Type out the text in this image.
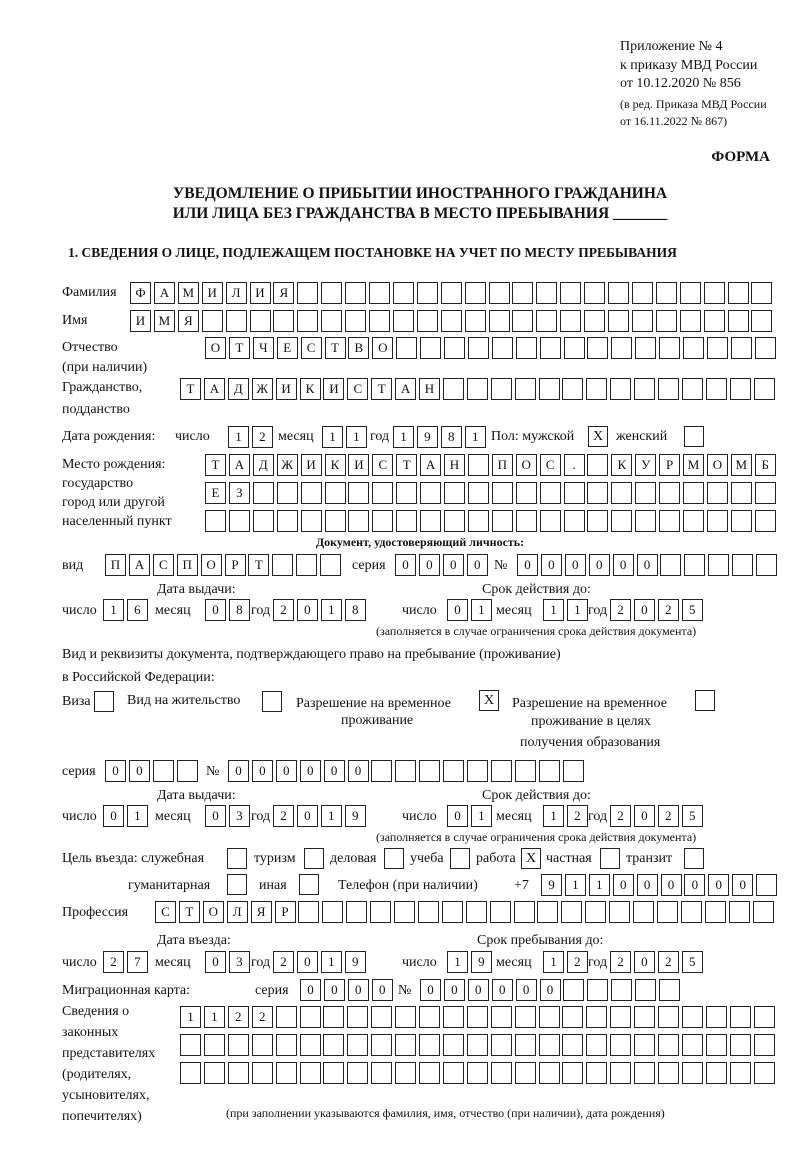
Приложение № 4
к приказу МВД России
от 10.12.2020 № 856
(в ред. Приказа МВД России
от 16.11.2022 № 867)
ФОРМА
УВЕДОМЛЕНИЕ О ПРИБЫТИИ ИНОСТРАННОГО ГРАЖДАНИНА
ИЛИ ЛИЦА БЕЗ ГРАЖДАНСТВА В МЕСТО ПРЕБЫВАНИЯ _______
1. СВЕДЕНИЯ О ЛИЦЕ, ПОДЛЕЖАЩЕМ ПОСТАНОВКЕ НА УЧЕТ ПО МЕСТУ ПРЕБЫВАНИЯ
Фамилия	Ф	А	М	И	Л	И	Я
Имя	И	М	Я
Отчество
(при наличии)
О	Т	Ч	Е	С	Т	В	О
Гражданство,
подданство
Т	А	Д	Ж	И	К	И	С	Т	А	Н
Дата рождения: число	1	2 месяц	1	1 год 1	9	8	1 Пол: мужской	X женский
Место рождения:
государство
город или другой
населенный пункт
Т	А	Д	Ж	И	К	И	С	Т	А	Н	П	О	С	.	К	У	Р	М	О	М	Б
Е	З
Документ, удостоверяющий личность:
вид	П	А	С	П	О	Р	Т	серия	0	0	0	0 №	0	0	0	0	0	0
Дата выдачи:	Срок действия до:
число	1	6	месяц	0	8 год 2	0	1	8	число	0	1 месяц	1	1 год 2	0	2	5
(заполняется в случае ограничения срока действия документа)
Вид и реквизиты документа, подтверждающего право на пребывание (проживание)
в Российской Федерации:
Виза	Вид на жительство	Разрешение на временное
проживание
X	Разрешение на временное
проживание в целях
получения образования
серия	0	0	№	0	0	0	0	0	0
Дата выдачи:	Срок действия до:
число	0	1	месяц	0	3 год 2	0	1	9	число	0	1 месяц	1	2 год 2	0	2	5
(заполняется в случае ограничения срока действия документа)
Цель въезда: служебная	туризм деловая учеба работа X частная транзит
гуманитарная	иная	Телефон (при наличии)	+7	9	1	1	0	0	0	0	0	0
Профессия	С	Т	О	Л	Я	Р
Дата въезда:	Срок пребывания до:
число	2	7	месяц	0	3 год 2	0	1	9	число	1	9 месяц	1	2 год 2	0	2	5
Миграционная карта:	серия	0	0	0	0 №	0	0	0	0	0	0
Сведения о
законных
представителях
(родителях,
усыновителях,
попечителях)
1	1	2	2
(при заполнении указываются фамилия, имя, отчество (при наличии), дата рождения)
